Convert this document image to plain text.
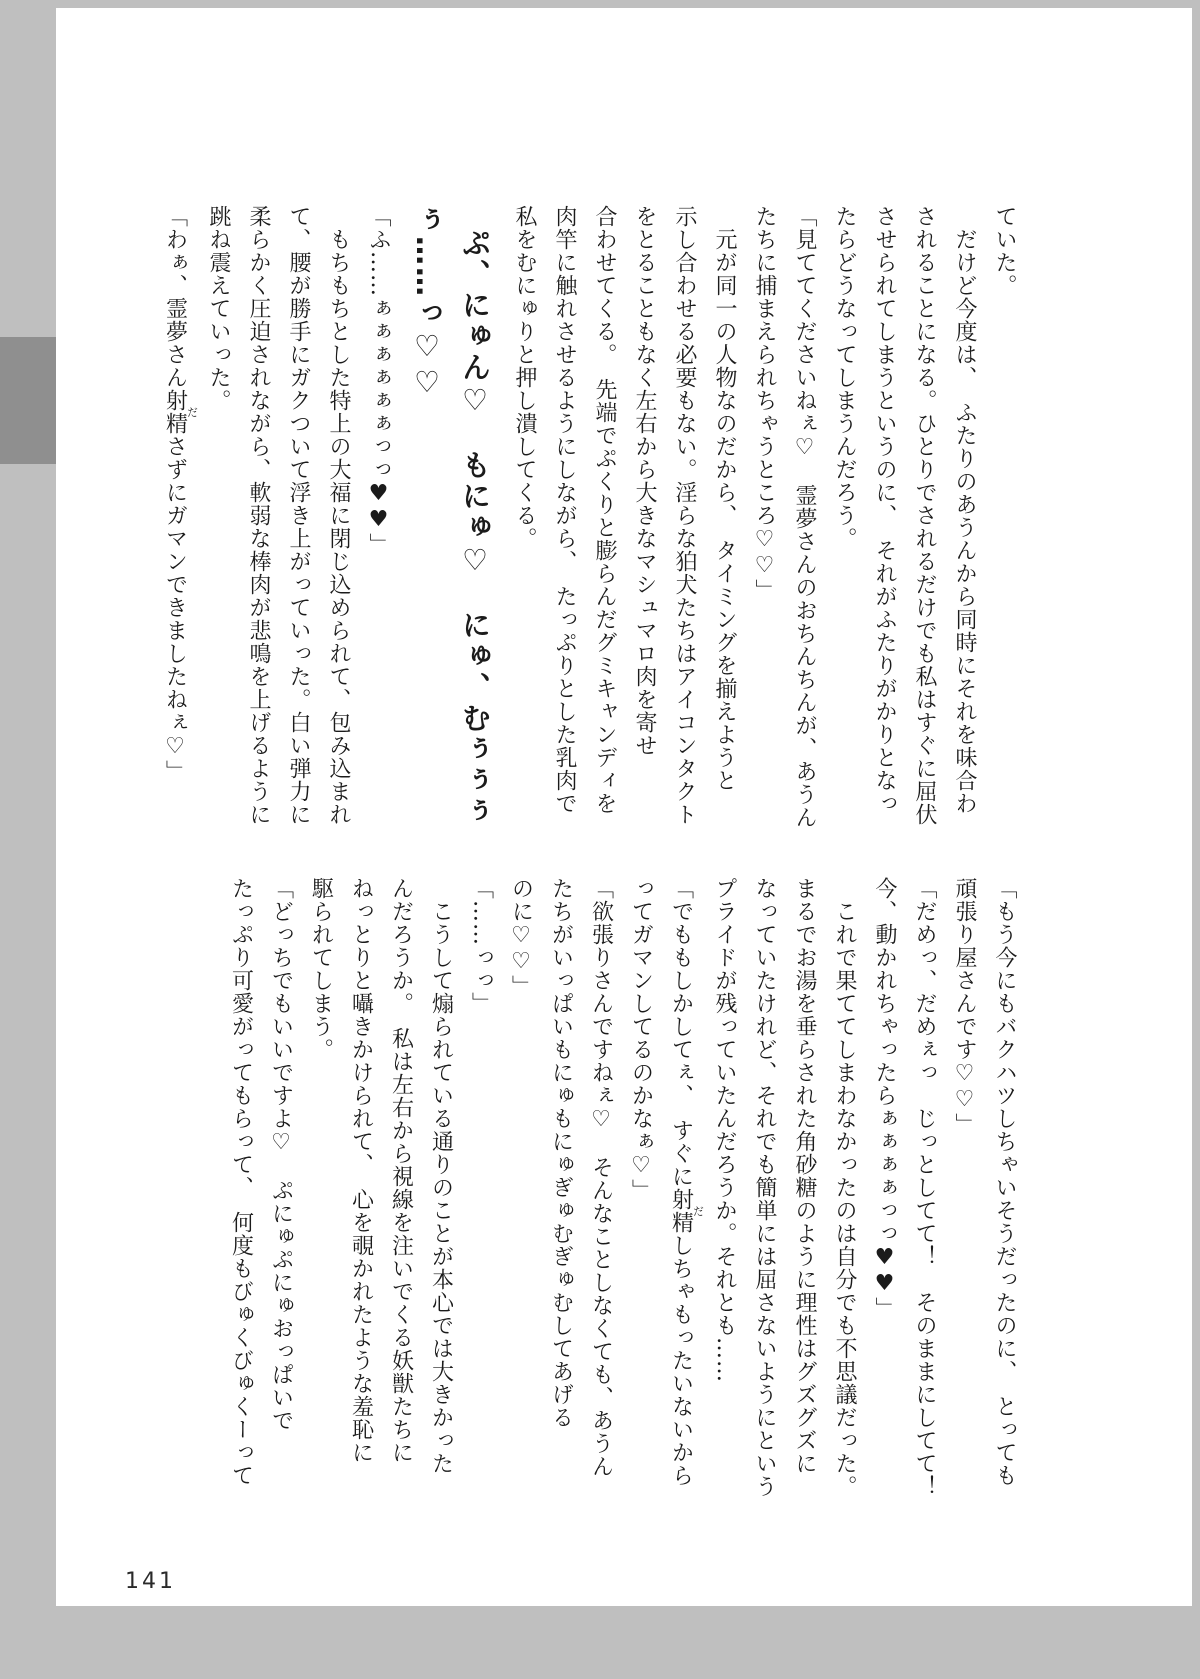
ていた。

だけど今度は、　ふたりのあうんから同時にそれを味合わ

されることになる。ひとりでされるだけでも私はすぐに屈伏

させられてしまうというのに、　それがふたりがかりとなっ

たらどうなってしまうんだろう。

「見ててくださいねぇ♡　霊夢さんのおちんちんが、あうん

たちに捕まえられちゃうところ♡♡」

元が同一の人物なのだから、　タイミングを揃えようと

示し合わせる必要もない。淫らな狛犬たちはアイコンタクト

をとることもなく左右から大きなマシュマロ肉を寄せ

合わせてくる。　先端でぷくりと膨らんだグミキャンディを

肉竿に触れさせるようにしながら、　たっぷりとした乳肉で

私をむにゅりと押し潰してくる。

ぷ、にゅん♡　もにゅ♡　にゅ、むぅぅぅぅ……っ♡♡

「ふ……ぁぁぁぁぁぁっっ♥♥」

もちもちとした特上の大福に閉じ込められて、包み込まれ

て、腰が勝手にガクついて浮き上がっていった。白い弾力に

柔らかく圧迫されながら、軟弱な棒肉が悲鳴を上げるように

跳ね震えていった。

「わぁ、霊夢さん射精ださずにガマンできましたねぇ♡」

「もう今にもバクハツしちゃいそうだったのに、　とっても

頑張り屋さんです♡♡」

「だめっ、だめぇっ　じっとしてて！　そのままにしてて！

今、動かれちゃったらぁぁぁぁっっ♥♥」

これで果ててしまわなかったのは自分でも不思議だった。

まるでお湯を垂らされた角砂糖のように理性はグズグズに

なっていたけれど、それでも簡単には屈さないようにという

プライドが残っていたんだろうか。それとも……

「でももしかしてぇ、　すぐに射精だしちゃもったいないから

ってガマンしてるのかなぁ♡」

「欲張りさんですねぇ♡　そんなことしなくても、あうん

たちがいっぱいもにゅもにゅぎゅむぎゅむしてあげる

のに♡♡」

「……っっ」

こうして煽られている通りのことが本心では大きかった

んだろうか。　私は左右から視線を注いでくる妖獣たちに

ねっとりと囁きかけられて、　心を覗かれたような羞恥に

駆られてしまう。

「どっちでもいいですよ♡　ぷにゅぷにゅおっぱいで

たっぷり可愛がってもらって、　何度もびゅくびゅくーって

141
